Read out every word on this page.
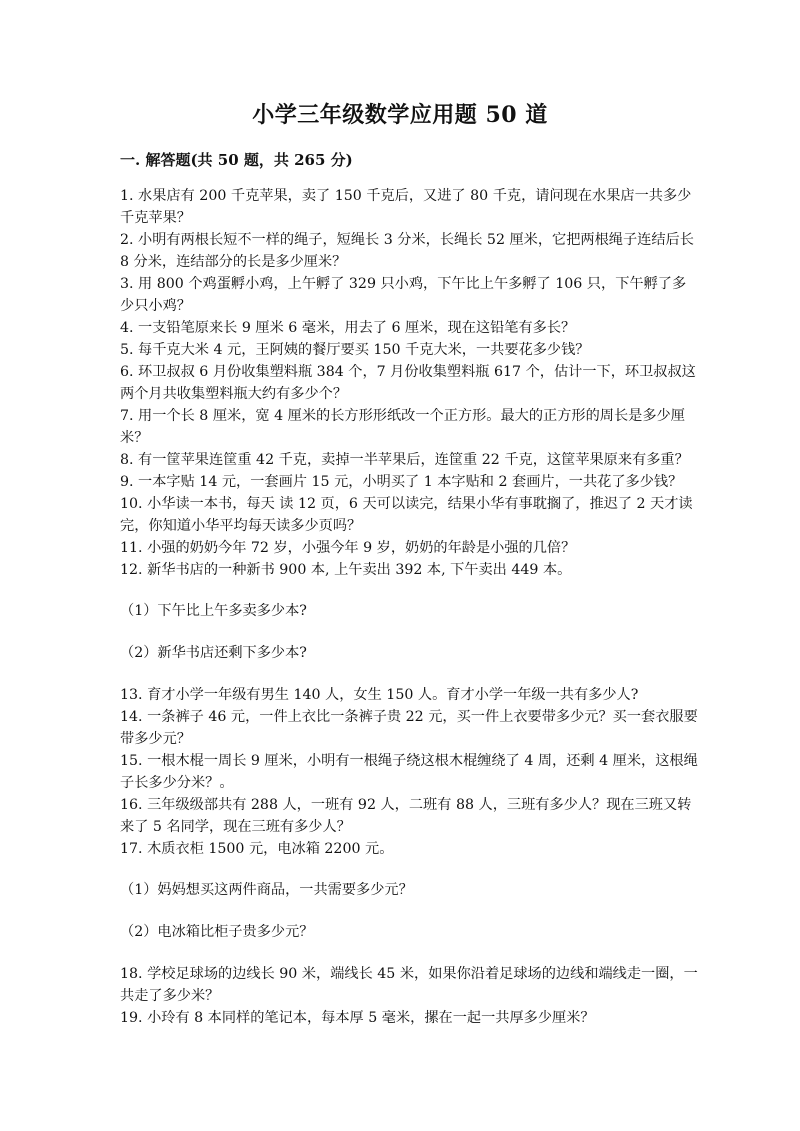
小学三年级数学应用题 50 道
一. 解答题(共 50 题，共 265 分)

1. 水果店有 200 千克苹果，卖了 150 千克后，又进了 80 千克，请问现在水果店一共多少千克苹果？

2. 小明有两根长短不一样的绳子，短绳长 3 分米，长绳长 52 厘米，它把两根绳子连结后长 8 分米，连结部分的长是多少厘米？

3. 用 800 个鸡蛋孵小鸡，上午孵了 329 只小鸡，下午比上午多孵了 106 只，下午孵了多少只小鸡？

4. 一支铅笔原来长 9 厘米 6 毫米，用去了 6 厘米，现在这铅笔有多长？

5. 每千克大米 4 元，王阿姨的餐厅要买 150 千克大米，一共要花多少钱？

6. 环卫叔叔 6 月份收集塑料瓶 384 个，7 月份收集塑料瓶 617 个，估计一下，环卫叔叔这两个月共收集塑料瓶大约有多少个？

7. 用一个长 8 厘米，宽 4 厘米的长方形形纸改一个正方形。最大的正方形的周长是多少厘米？

8. 有一筐苹果连筐重 42 千克，卖掉一半苹果后，连筐重 22 千克，这筐苹果原来有多重？

9. 一本字贴 14 元，一套画片 15 元，小明买了 1 本字贴和 2 套画片，一共花了多少钱？

10. 小华读一本书，每天 读 12 页，6 天可以读完，结果小华有事耽搁了，推迟了 2 天才读完，你知道小华平均每天读多少页吗？

11. 小强的奶奶今年 72 岁，小强今年 9 岁，奶奶的年龄是小强的几倍？

12. 新华书店的一种新书 900 本, 上午卖出 392 本, 下午卖出 449 本。

（1）下午比上午多卖多少本?

（2）新华书店还剩下多少本?

13. 育才小学一年级有男生 140 人，女生 150 人。育才小学一年级一共有多少人?

14. 一条裤子 46 元，一件上衣比一条裤子贵 22 元，买一件上衣要带多少元？买一套衣服要带多少元？

15. 一根木棍一周长 9 厘米，小明有一根绳子绕这根木棍缠绕了 4 周，还剩 4 厘米，这根绳子长多少分米？。

16. 三年级级部共有 288 人，一班有 92 人，二班有 88 人，三班有多少人？现在三班又转来了 5 名同学，现在三班有多少人？

17. 木质衣柜 1500 元，电冰箱 2200 元。

（1）妈妈想买这两件商品，一共需要多少元？

（2）电冰箱比柜子贵多少元？

18. 学校足球场的边线长 90 米，端线长 45 米，如果你沿着足球场的边线和端线走一圈，一共走了多少米？

19. 小玲有 8 本同样的笔记本，每本厚 5 毫米，摞在一起一共厚多少厘米？
